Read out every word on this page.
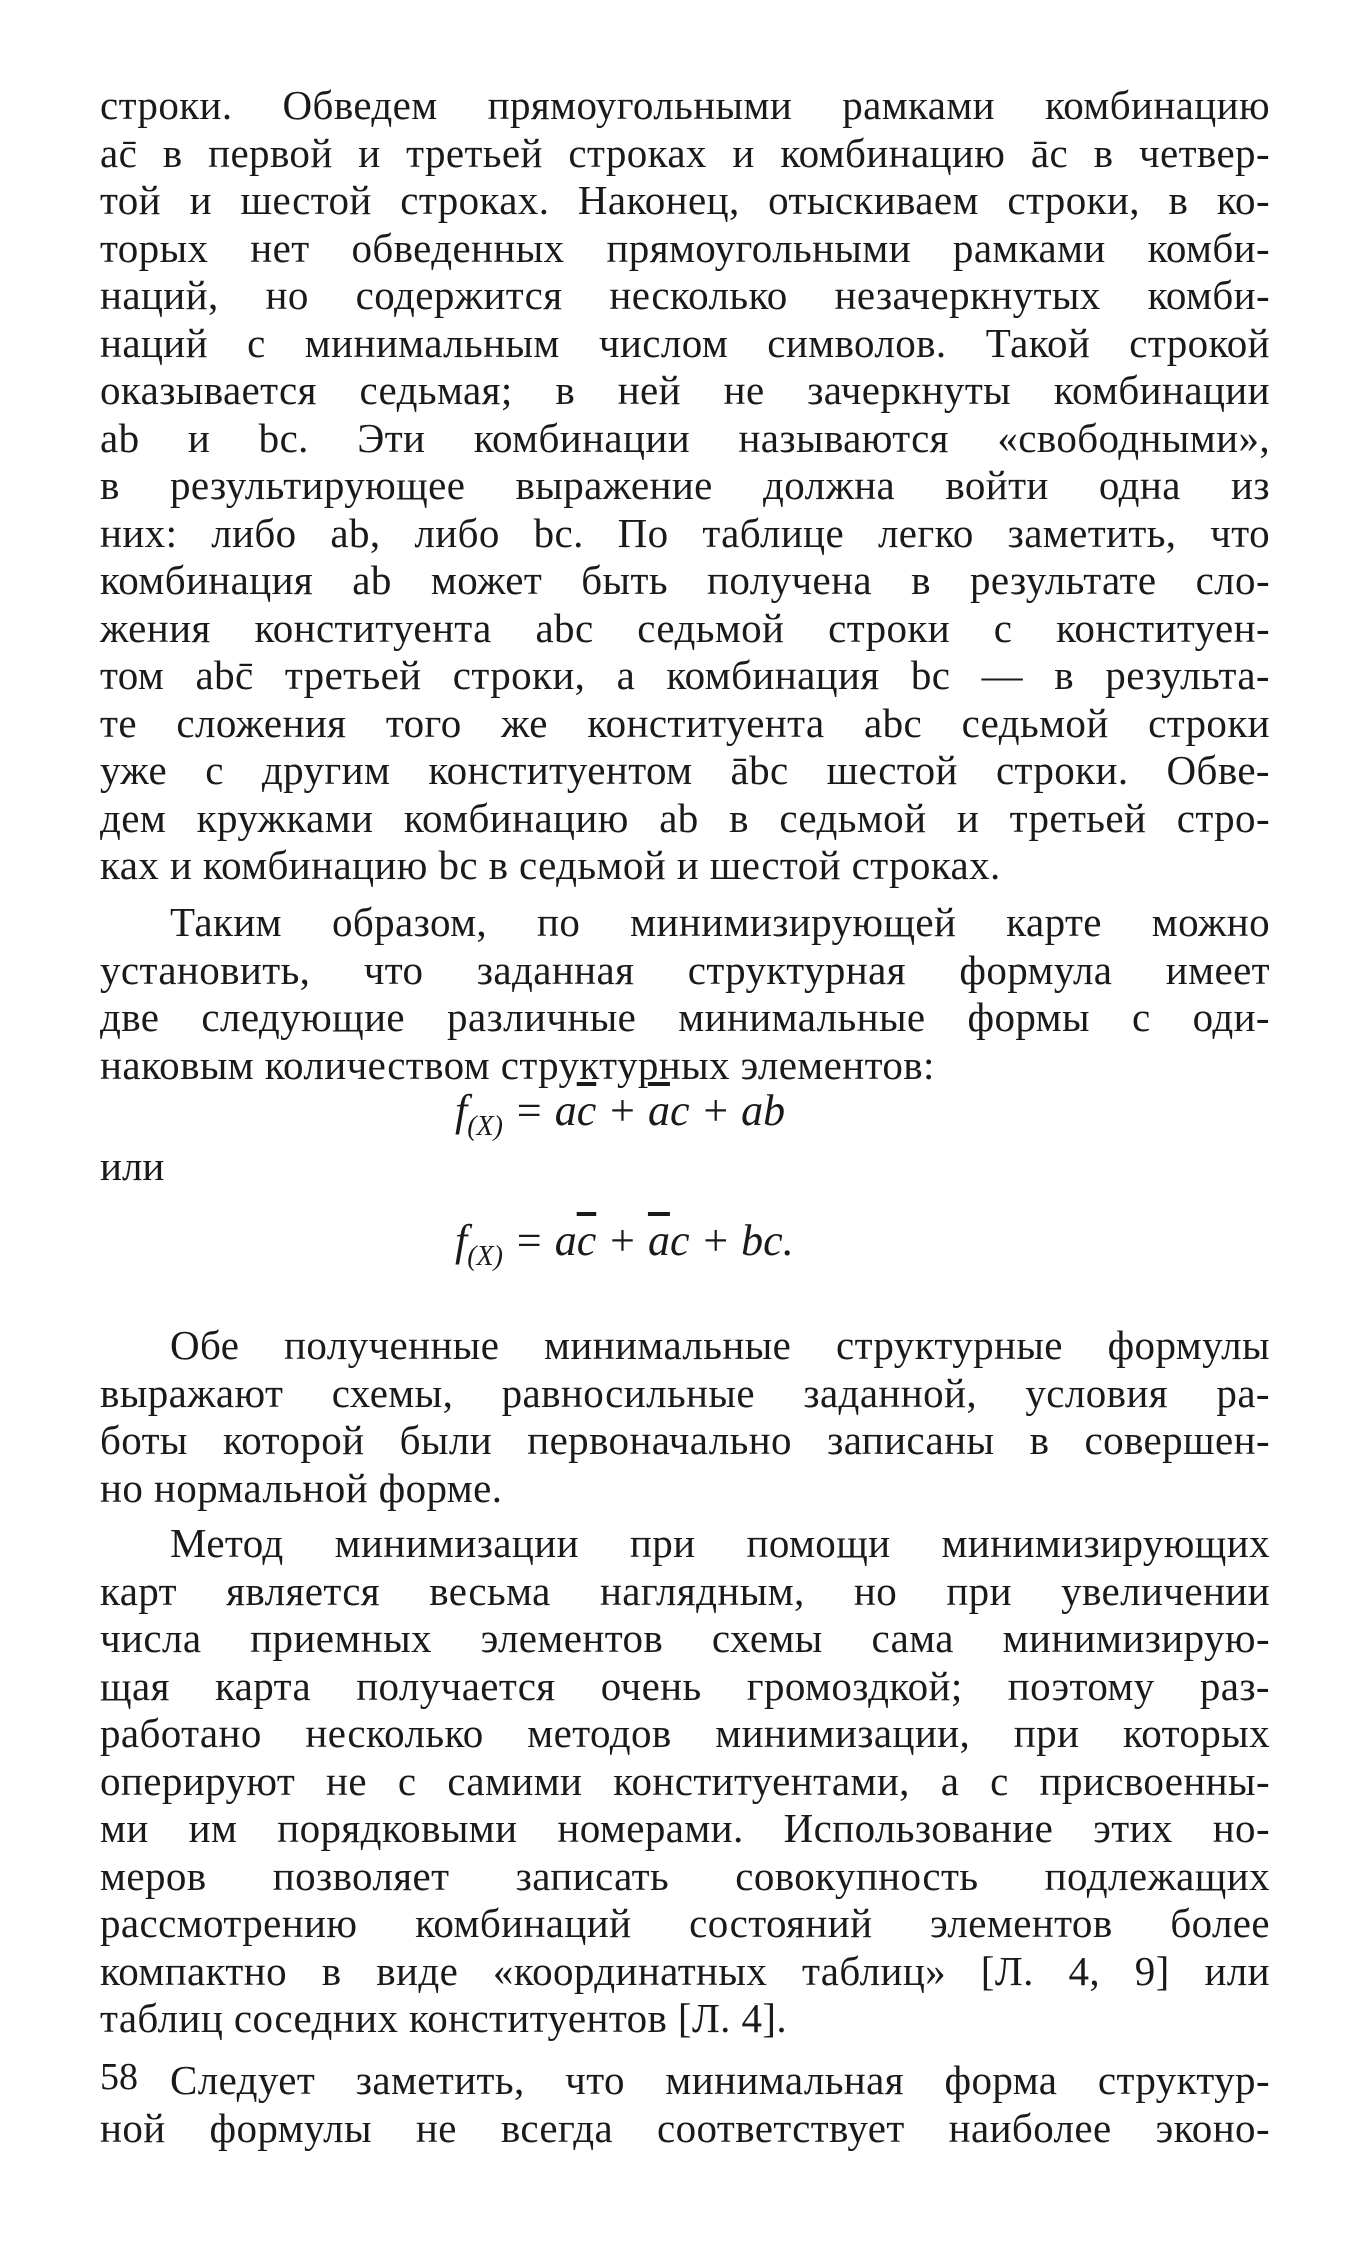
строки. Обведем прямоугольными рамками комбинацию
ac̄ в первой и третьей строках и комбинацию āc в четвер-
той и шестой строках. Наконец, отыскиваем строки, в ко-
торых нет обведенных прямоугольными рамками комби-
наций, но содержится несколько незачеркнутых комби-
наций с минимальным числом символов. Такой строкой
оказывается седьмая; в ней не зачеркнуты комбинации
ab и bc. Эти комбинации называются «свободными»,
в результирующее выражение должна войти одна из
них: либо ab, либо bc. По таблице легко заметить, что
комбинация ab может быть получена в результате сло-
жения конституента abc седьмой строки с конституен-
том abc̄ третьей строки, а комбинация bc — в результа-
те сложения того же конституента abc седьмой строки
уже с другим конституентом ābc шестой строки. Обве-
дем кружками комбинацию ab в седьмой и третьей стро-
ках и комбинацию bc в седьмой и шестой строках.
Таким образом, по минимизирующей карте можно
установить, что заданная структурная формула имеет
две следующие различные минимальные формы с оди-
наковым количеством структурных элементов:
$f_{(X)} = a\overline{c} + \overline{a}c$ + ab
или
$f_{(X)} = a\overline{c} + \overline{a}c$ + bc.
Обе полученные минимальные структурные формулы
выражают схемы, равносильные заданной, условия ра-
боты которой были первоначально записаны в совершен-
но нормальной форме.
Метод минимизации при помощи минимизирующих
карт является весьма наглядным, но при увеличении
числа приемных элементов схемы сама минимизирую-
щая карта получается очень громоздкой; поэтому раз-
работано несколько методов минимизации, при которых
оперируют не с самими конституентами, а с присвоенны-
ми им порядковыми номерами. Использование этих но-
меров позволяет записать совокупность подлежащих
рассмотрению комбинаций состояний элементов более
компактно в виде «координатных таблиц» [Л. 4, 9] или
таблиц соседних конституентов [Л. 4].
Следует заметить, что минимальная форма структур-
ной формулы не всегда соответствует наиболее эконо-
58
